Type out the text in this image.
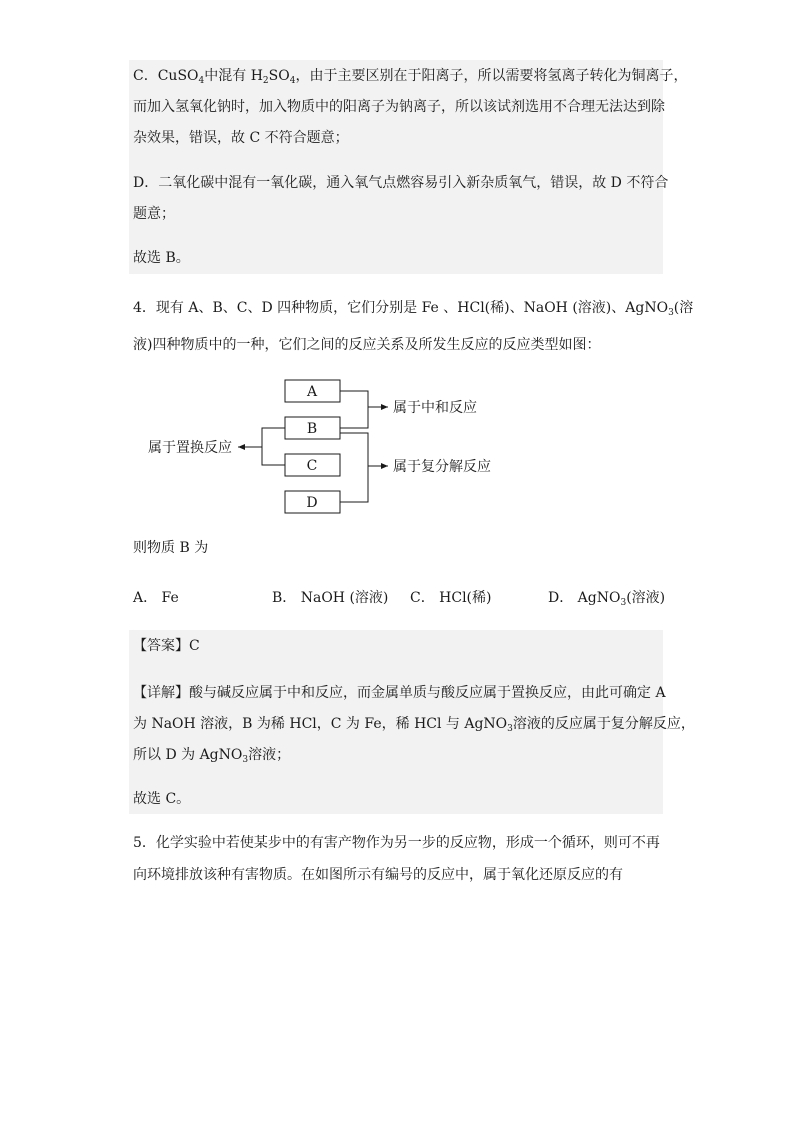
C．CuSO$_4$中混有 $H_2SO_4$，由于主要区别在于阳离子，所以需要将氢离子转化为铜离子，
而加入氢氧化钠时，加入物质中的阳离子为钠离子，所以该试剂选用不合理无法达到除
杂效果，错误，故 C 不符合题意；
D．二氧化碳中混有一氧化碳，通入氧气点燃容易引入新杂质氧气，错误，故 D 不符合
题意；
故选 B。
4．现有 A、B、C、D 四种物质，它们分别是 Fe 、HCl(稀)、NaOH (溶液)、AgNO$_3$(溶
液)四种物质中的一种，它们之间的反应关系及所发生反应的反应类型如图：
A
B
C
D
属于中和反应
属于复分解反应
属于置换反应
则物质 B 为
A． Fe	B． NaOH (溶液) C． HCl(稀)	D． AgNO$_3$(溶液)
【答案】C
【详解】酸与碱反应属于中和反应，而金属单质与酸反应属于置换反应，由此可确定 A
为 NaOH 溶液，B 为稀 HCl，C 为 Fe，稀 HCl 与 AgNO$_3$溶液的反应属于复分解反应，
所以 D 为 AgNO$_3$溶液；
故选 C。
5．化学实验中若使某步中的有害产物作为另一步的反应物，形成一个循环，则可不再
向环境排放该种有害物质。在如图所示有编号的反应中，属于氧化还原反应的有
